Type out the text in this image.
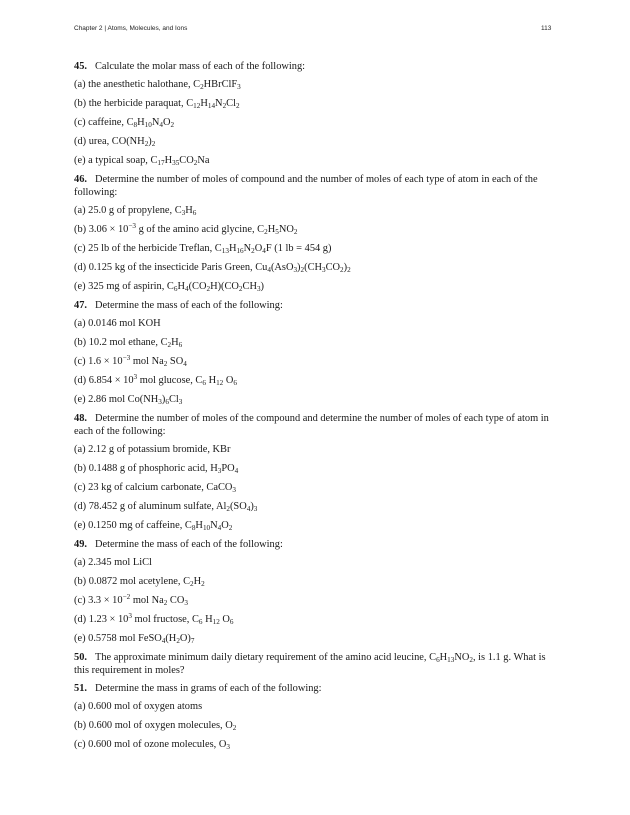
Chapter 2 | Atoms, Molecules, and Ions	113
45. Calculate the molar mass of each of the following:
(a) the anesthetic halothane, $C_2HBrClF_3$
(b) the herbicide paraquat, $C_{12}H_{14}N_2Cl_2$
(c) caffeine, $C_8H_{10}N_4O_2$
(d) urea, $CO(NH_2)_2$
(e) a typical soap, $C_{17}H_{35}CO_2Na$
46. Determine the number of moles of compound and the number of moles of each type of atom in each of the following:
(a) 25.0 g of propylene, $C_3H_6$
(b) $3.06 \times 10^{-3}$ g of the amino acid glycine, $C_2H_5NO_2$
(c) 25 lb of the herbicide Treflan, $C_{13}H_{16}N_2O_4F$ (1 lb = 454 g)
(d) 0.125 kg of the insecticide Paris Green, $Cu_4(AsO_3)_2(CH_3CO_2)_2$
(e) 325 mg of aspirin, $C_6H_4(CO_2H)(CO_2CH_3)$
47. Determine the mass of each of the following:
(a) 0.0146 mol KOH
(b) 10.2 mol ethane, $C_2H_6$
(c) $1.6 \times 10^{-3}$ mol $Na_2$ $SO_4$
(d) $6.854 \times 10^3$ mol glucose, $C_6$ $H_{12}$ $O_6$
(e) 2.86 mol $Co(NH_3)_6Cl_3$
48. Determine the number of moles of the compound and determine the number of moles of each type of atom in each of the following:
(a) 2.12 g of potassium bromide, KBr
(b) 0.1488 g of phosphoric acid, $H_3PO_4$
(c) 23 kg of calcium carbonate, CaCO$_3$
(d) 78.452 g of aluminum sulfate, $Al_2(SO_4)_3$
(e) 0.1250 mg of caffeine, $C_8H_{10}N_4O_2$
49. Determine the mass of each of the following:
(a) 2.345 mol LiCl
(b) 0.0872 mol acetylene, $C_2H_2$
(c) $3.3 \times 10^{-2}$ mol $Na_2$ $CO_3$
(d) $1.23 \times 10^3$ mol fructose, $C_6$ $H_{12}$ $O_6$
(e) 0.5758 mol $FeSO_4(H_2O)_7$
50. The approximate minimum daily dietary requirement of the amino acid leucine, $C_6H_{13}NO_2$, is 1.1 g. What is this requirement in moles?
51. Determine the mass in grams of each of the following:
(a) 0.600 mol of oxygen atoms
(b) 0.600 mol of oxygen molecules, $O_2$
(c) 0.600 mol of ozone molecules, $O_3$
